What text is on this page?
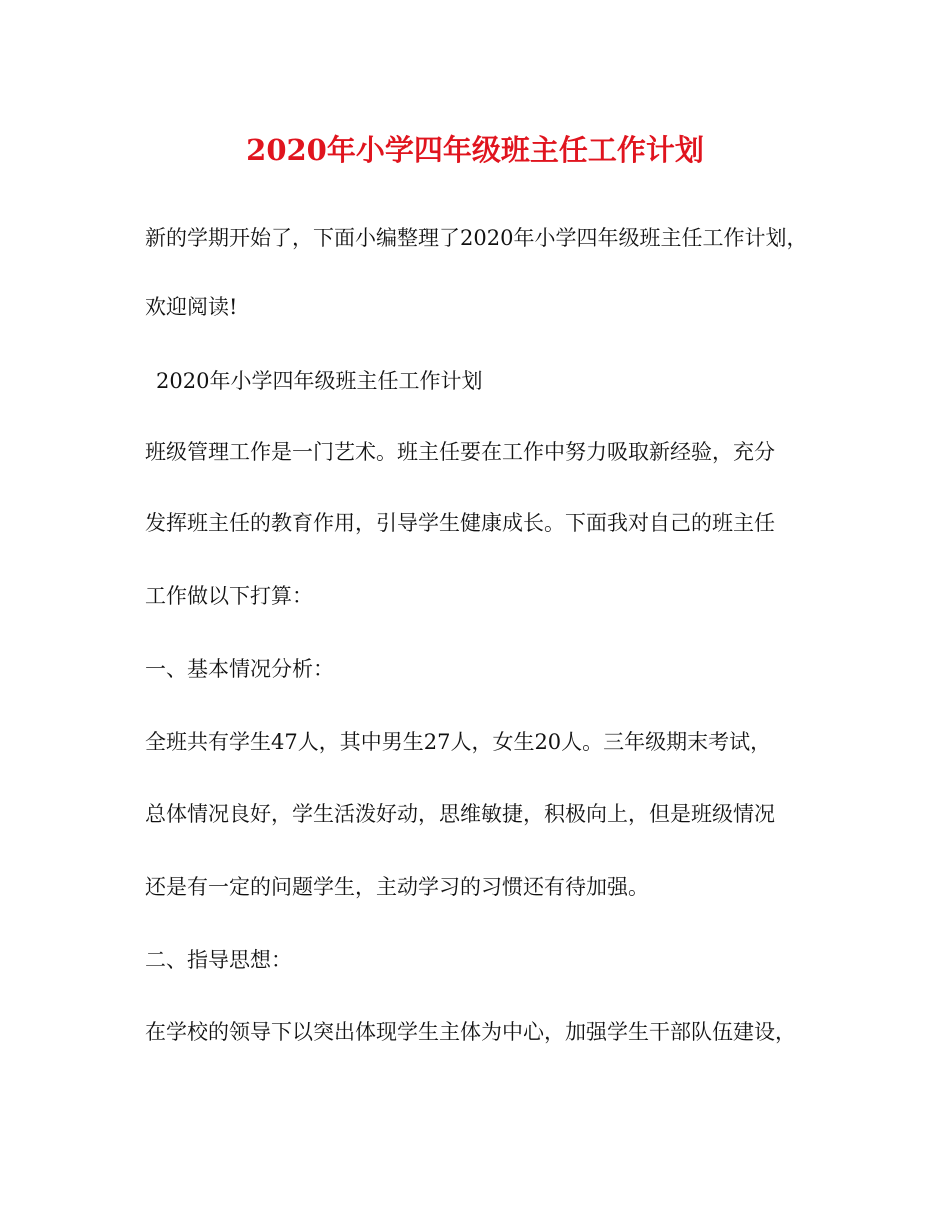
2020年小学四年级班主任工作计划
新的学期开始了，下面小编整理了2020年小学四年级班主任工作计划，
欢迎阅读!
2020年小学四年级班主任工作计划
班级管理工作是一门艺术。班主任要在工作中努力吸取新经验，充分
发挥班主任的教育作用，引导学生健康成长。下面我对自己的班主任
工作做以下打算：
一、基本情况分析：
全班共有学生47人，其中男生27人，女生20人。三年级期末考试，
总体情况良好，学生活泼好动，思维敏捷，积极向上，但是班级情况
还是有一定的问题学生，主动学习的习惯还有待加强。
二、指导思想：
在学校的领导下以突出体现学生主体为中心，加强学生干部队伍建设，
